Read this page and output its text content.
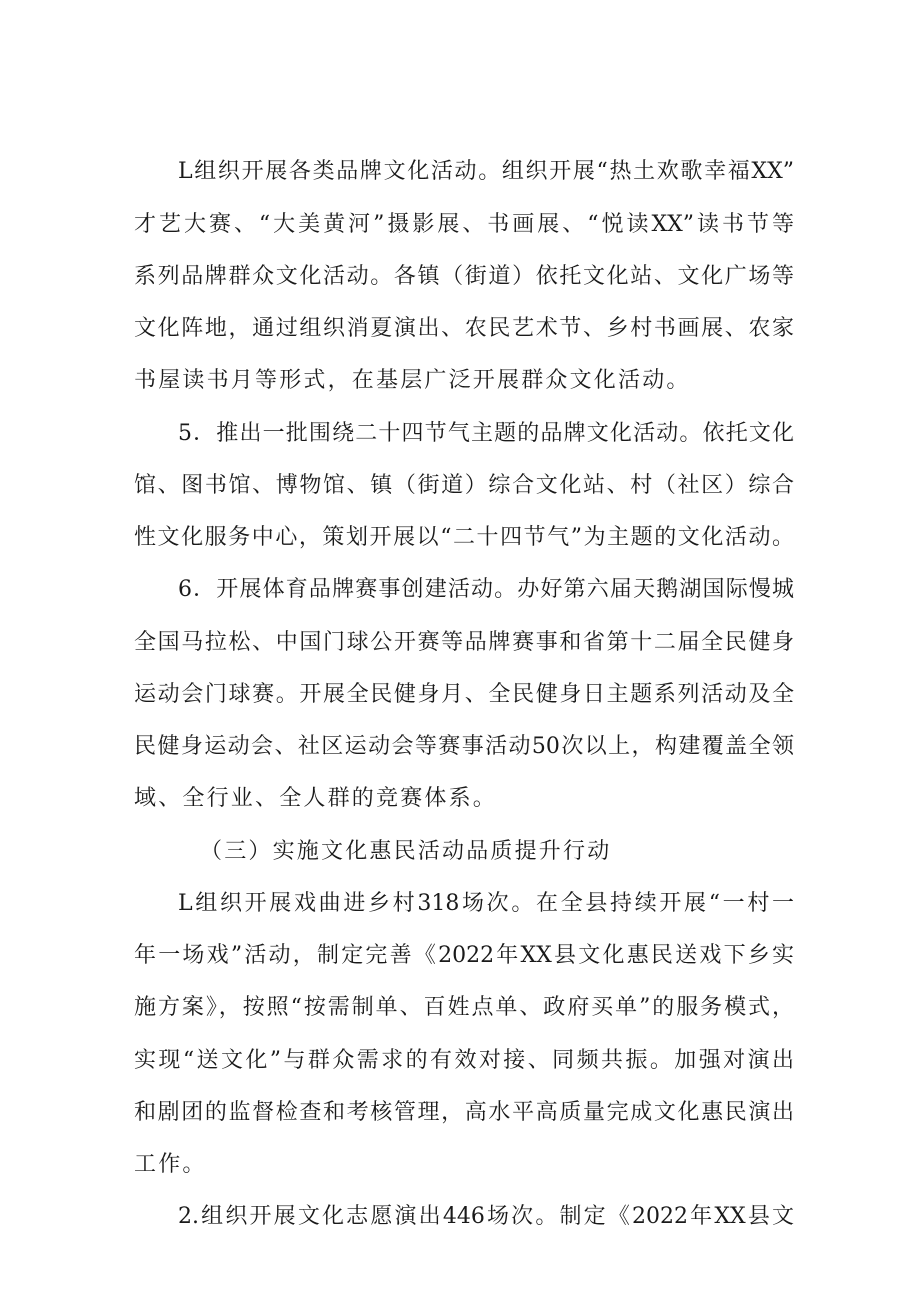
L组织开展各类品牌文化活动。组织开展“热土欢歌幸福XX”
才艺大赛、“大美黄河”摄影展、书画展、“悦读XX”读书节等
系列品牌群众文化活动。各镇（街道）依托文化站、文化广场等
文化阵地，通过组织消夏演出、农民艺术节、乡村书画展、农家
书屋读书月等形式，在基层广泛开展群众文化活动。
5．推出一批围绕二十四节气主题的品牌文化活动。依托文化
馆、图书馆、博物馆、镇（街道）综合文化站、村（社区）综合
性文化服务中心，策划开展以“二十四节气”为主题的文化活动。
6．开展体育品牌赛事创建活动。办好第六届天鹅湖国际慢城
全国马拉松、中国门球公开赛等品牌赛事和省第十二届全民健身
运动会门球赛。开展全民健身月、全民健身日主题系列活动及全
民健身运动会、社区运动会等赛事活动50次以上，构建覆盖全领
域、全行业、全人群的竞赛体系。
（三）实施文化惠民活动品质提升行动
L组织开展戏曲进乡村318场次。在全县持续开展“一村一
年一场戏”活动，制定完善《2022年XX县文化惠民送戏下乡实
施方案》，按照“按需制单、百姓点单、政府买单”的服务模式，
实现“送文化”与群众需求的有效对接、同频共振。加强对演出
和剧团的监督检查和考核管理，高水平高质量完成文化惠民演出
工作。
2.组织开展文化志愿演出446场次。制定《2022年XX县文
